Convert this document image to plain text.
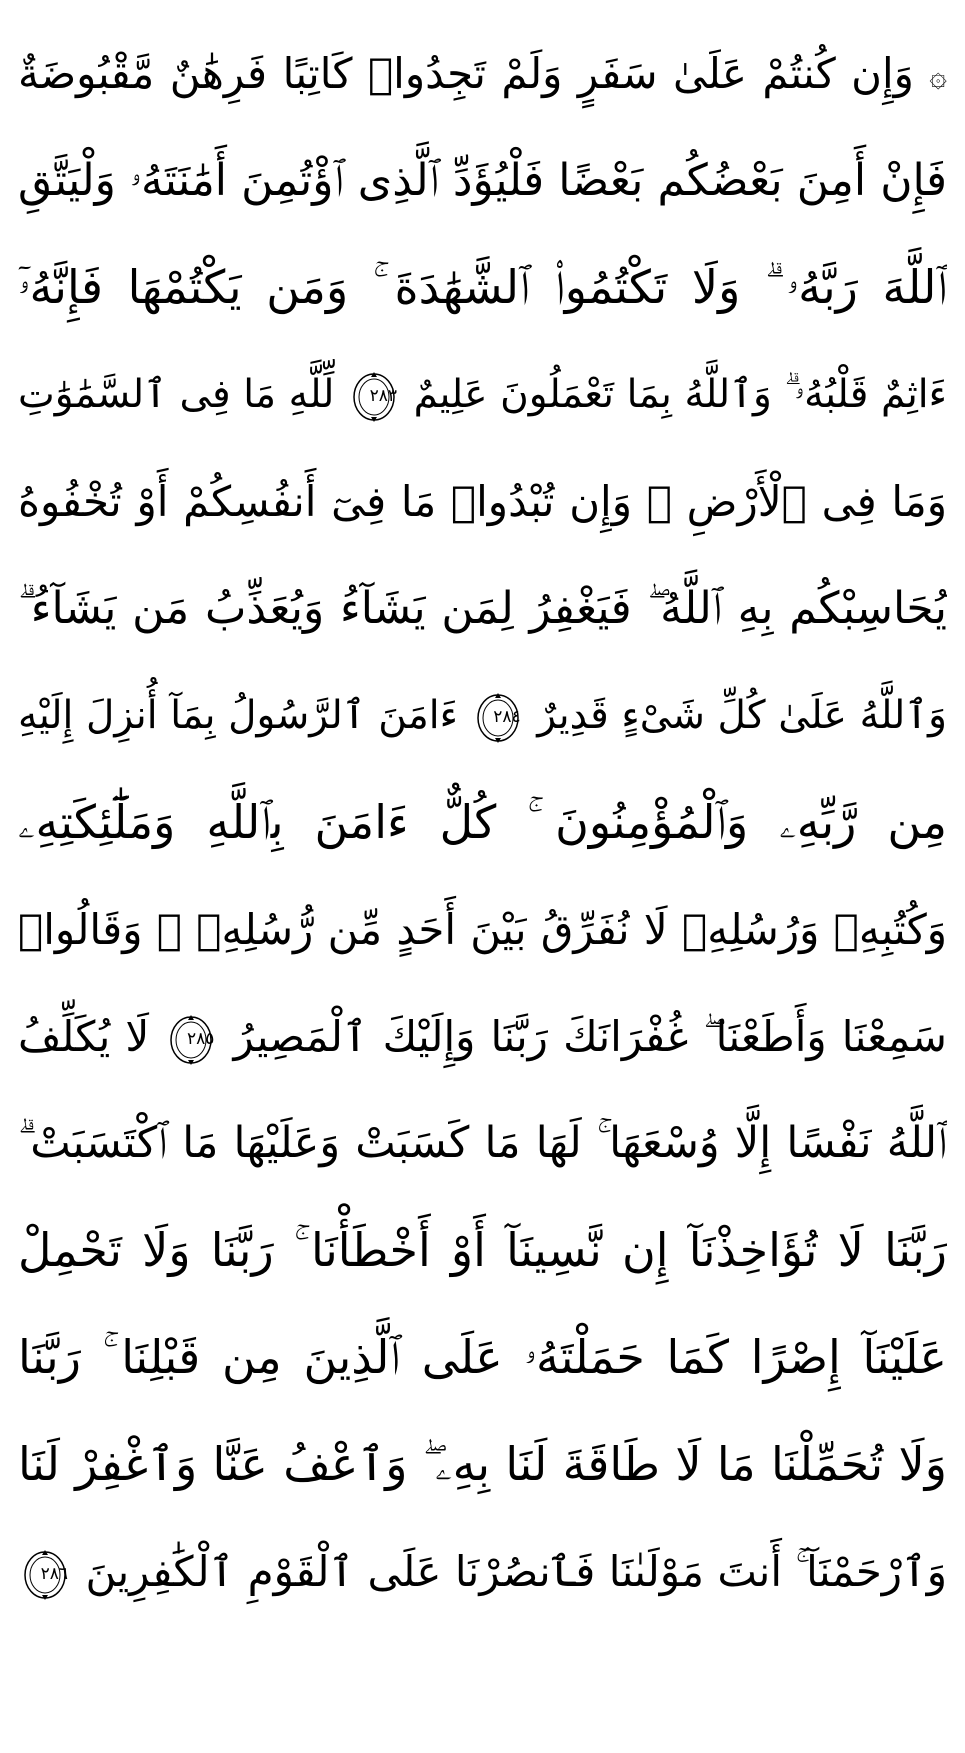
۞ وَإِن كُنتُمْ عَلَىٰ سَفَرٍ وَلَمْ تَجِدُوا۟ كَاتِبًا فَرِهَٰنٌ مَّقْبُوضَةٌ
فَإِنْ أَمِنَ بَعْضُكُم بَعْضًا فَلْيُؤَدِّ ٱلَّذِى ٱؤْتُمِنَ أَمَٰنَتَهُۥ وَلْيَتَّقِ
ٱللَّهَ رَبَّهُۥ ۗ وَلَا تَكْتُمُوا۟ ٱلشَّهَٰدَةَ ۚ وَمَن يَكْتُمْهَا فَإِنَّهُۥٓ
ءَاثِمٌ قَلْبُهُۥ ۗ وَٱللَّهُ بِمَا تَعْمَلُونَ عَلِيمٌ
٢٨٣
لِّلَّهِ مَا فِى ٱلسَّمَٰوَٰتِ
وَمَا فِى ٱلْأَرْضِ ۗ وَإِن تُبْدُوا۟ مَا فِىٓ أَنفُسِكُمْ أَوْ تُخْفُوهُ
يُحَاسِبْكُم بِهِ ٱللَّهُ ۖ فَيَغْفِرُ لِمَن يَشَآءُ وَيُعَذِّبُ مَن يَشَآءُ ۗ
وَٱللَّهُ عَلَىٰ كُلِّ شَىْءٍ قَدِيرٌ
٢٨٤
ءَامَنَ ٱلرَّسُولُ بِمَآ أُنزِلَ إِلَيْهِ
مِن رَّبِّهِۦ وَٱلْمُؤْمِنُونَ ۚ كُلٌّ ءَامَنَ بِٱللَّهِ وَمَلَٰٓئِكَتِهِۦ
وَكُتُبِهِۦ وَرُسُلِهِۦ لَا نُفَرِّقُ بَيْنَ أَحَدٍ مِّن رُّسُلِهِۦ ۚ وَقَالُوا۟
سَمِعْنَا وَأَطَعْنَا ۖ غُفْرَانَكَ رَبَّنَا وَإِلَيْكَ ٱلْمَصِيرُ
٢٨٥
لَا يُكَلِّفُ
ٱللَّهُ نَفْسًا إِلَّا وُسْعَهَا ۚ لَهَا مَا كَسَبَتْ وَعَلَيْهَا مَا ٱكْتَسَبَتْ ۗ
رَبَّنَا لَا تُؤَاخِذْنَآ إِن نَّسِينَآ أَوْ أَخْطَأْنَا ۚ رَبَّنَا وَلَا تَحْمِلْ
عَلَيْنَآ إِصْرًا كَمَا حَمَلْتَهُۥ عَلَى ٱلَّذِينَ مِن قَبْلِنَا ۚ رَبَّنَا
وَلَا تُحَمِّلْنَا مَا لَا طَاقَةَ لَنَا بِهِۦ ۖ وَٱعْفُ عَنَّا وَٱغْفِرْ لَنَا
وَٱرْحَمْنَآ ۚ أَنتَ مَوْلَىٰنَا فَٱنصُرْنَا عَلَى ٱلْقَوْمِ ٱلْكَٰفِرِينَ
٢٨٦
